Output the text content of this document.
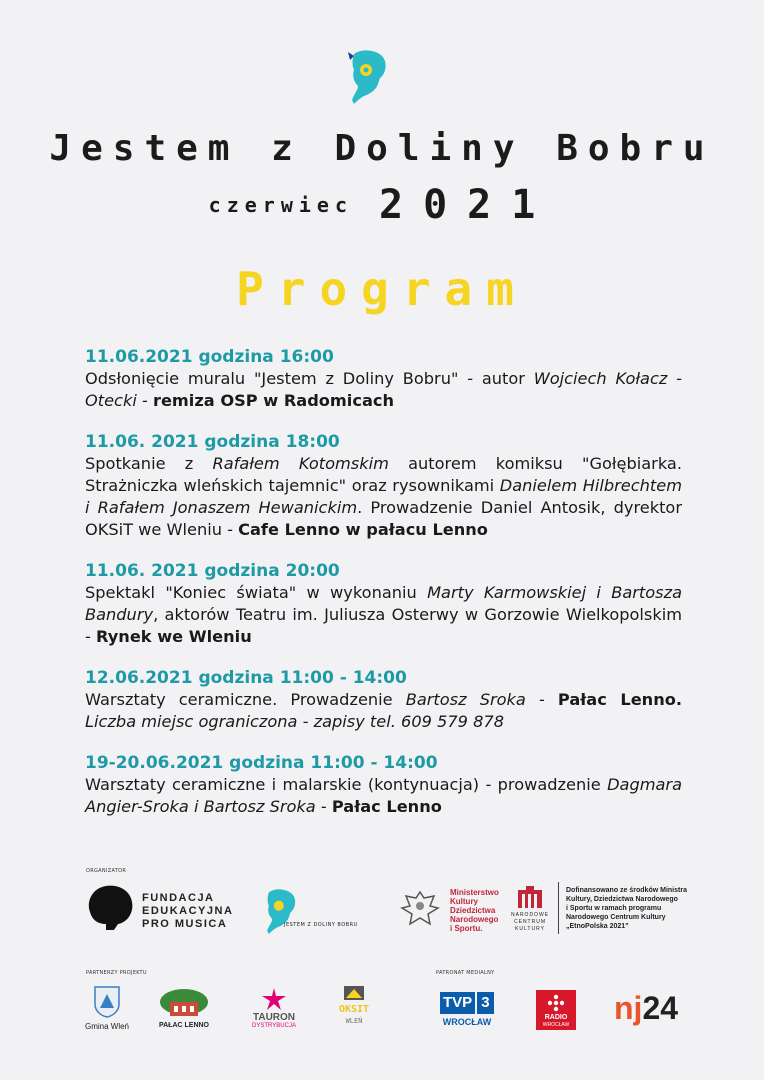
Jestem z Doliny Bobru
czerwiec 2021
Program

11.06.2021 godzina 16:00

Odsłonięcie muralu "Jestem z Doliny Bobru" - autor Wojciech Kołacz - Otecki - remiza OSP w Radomicach

11.06. 2021 godzina 18:00

Spotkanie z Rafałem Kotomskim autorem komiksu "Gołębiarka. Strażniczka wleńskich tajemnic" oraz rysownikami Danielem Hilbrechtem i Rafałem Jonaszem Hewanickim. Prowadzenie Daniel Antosik, dyrektor OKSiT we Wleniu - Cafe Lenno w pałacu Lenno

11.06. 2021 godzina 20:00

Spektakl "Koniec świata" w wykonaniu Marty Karmowskiej i Bartosza Bandury, aktorów Teatru im. Juliusza Osterwy w Gorzowie Wielkopolskim - Rynek we Wleniu

12.06.2021 godzina 11:00 - 14:00

Warsztaty ceramiczne. Prowadzenie Bartosz Sroka - Pałac Lenno. Liczba miejsc ograniczona - zapisy tel. 609 579 878

19-20.06.2021 godzina 11:00 - 14:00

Warsztaty ceramiczne i malarskie (kontynuacja) - prowadzenie Dagmara Angier-Sroka i Bartosz Sroka - Pałac Lenno

ORGANIZATOR
FUNDACJA
EDUKACYJNA
PRO MUSICA	JESTEM Z DOLINY BOBRU
Ministerstwo
Kultury
Dziedzictwa
Narodowego
i Sportu.
NARODOWE
CENTRUM
KULTURY
Dofinansowano ze środków Ministra
Kultury, Dziedzictwa Narodowego
i Sportu w ramach programu
Narodowego Centrum Kultury
„EtnoPolska 2021”
PARTNERZY PROJEKTU	PATRONAT MEDIALNY
Gmina Wleń	PAŁAC LENNO
TAURON
DYSTRYBUCJA
OKSIT
WLEŃ
TVP 3
WROCŁAW	RADIO
WROCŁAW nj24
